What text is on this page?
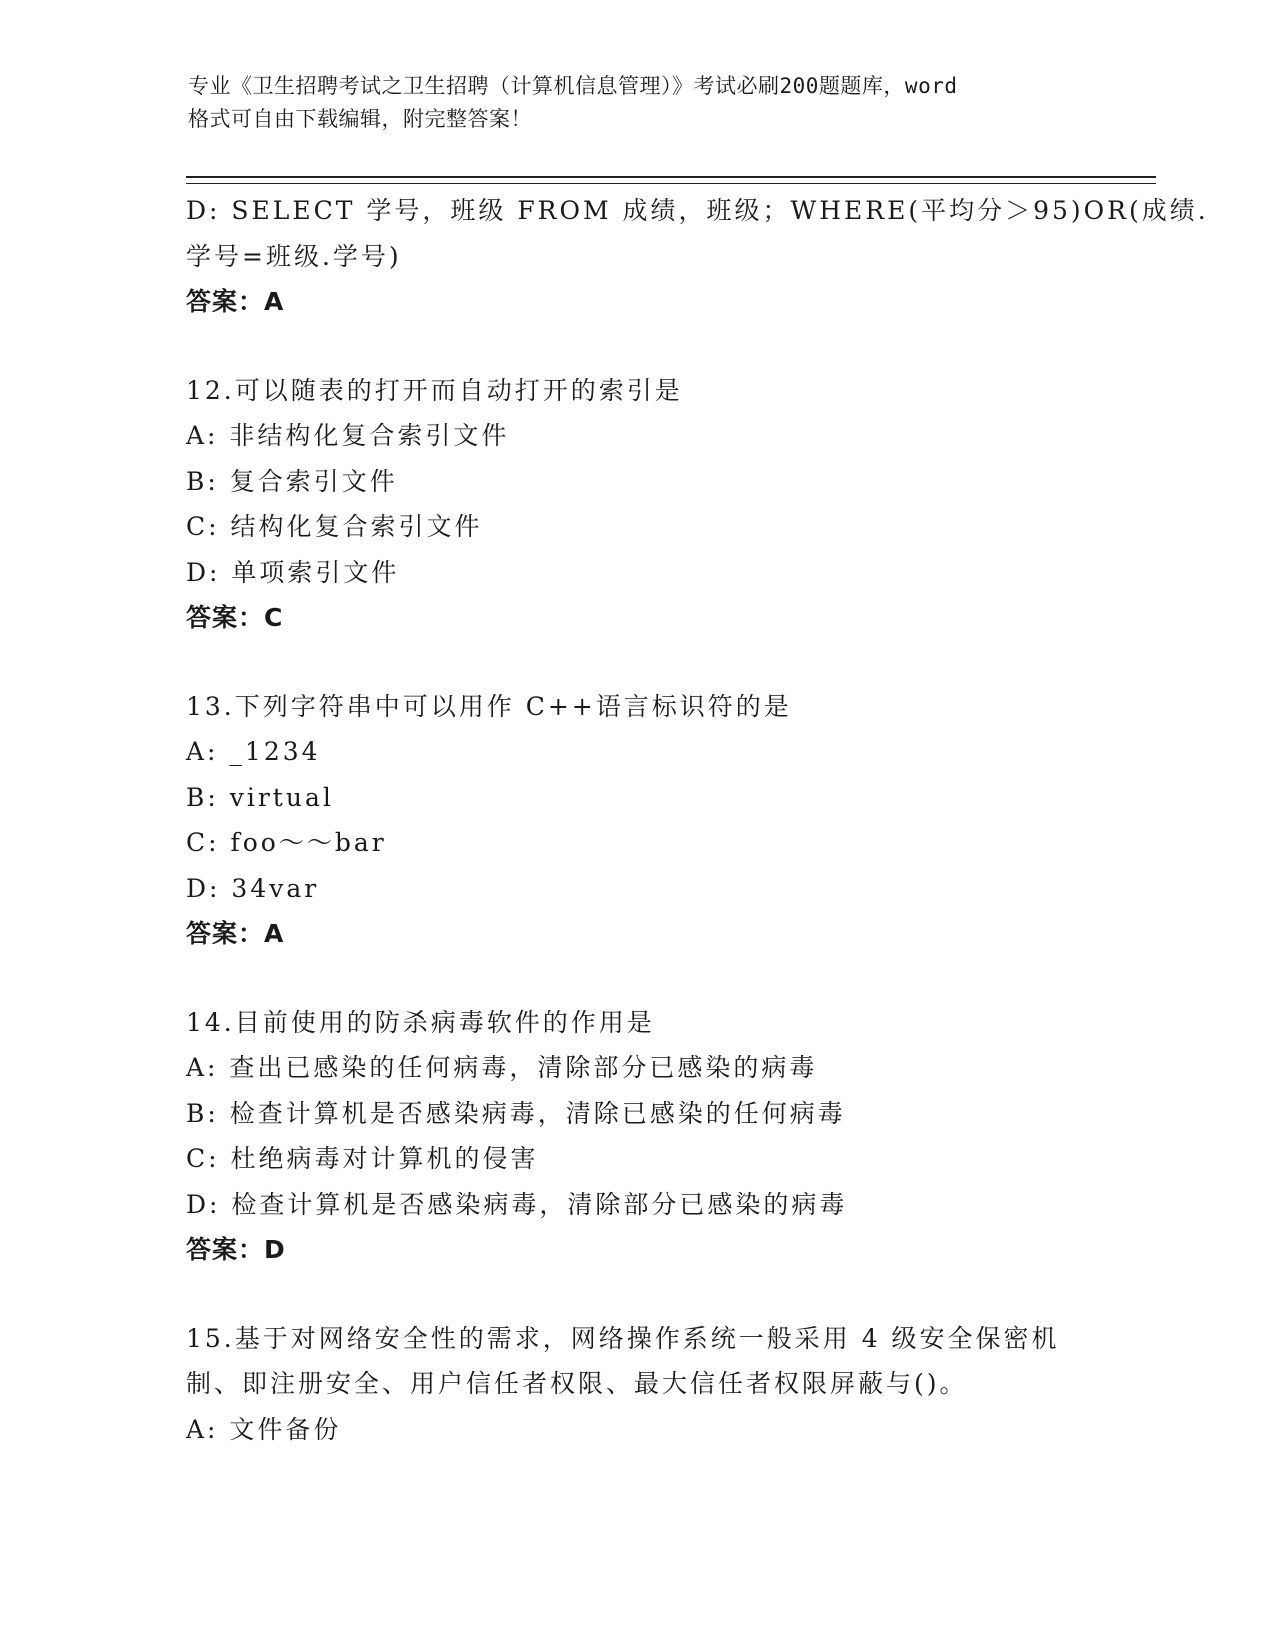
专业《卫生招聘考试之卫生招聘（计算机信息管理）》考试必刷200题题库，word
格式可自由下载编辑，附完整答案！
D: SELECT 学号，班级 FROM 成绩，班级；WHERE(平均分＞95)OR(成绩.
学号=班级.学号)
答案：A
12.可以随表的打开而自动打开的索引是
A: 非结构化复合索引文件
B: 复合索引文件
C: 结构化复合索引文件
D: 单项索引文件
答案：C
13.下列字符串中可以用作 C++语言标识符的是
A: _1234
B: virtual
C: foo～～bar
D: 34var
答案：A
14.目前使用的防杀病毒软件的作用是
A: 查出已感染的任何病毒，清除部分已感染的病毒
B: 检查计算机是否感染病毒，清除已感染的任何病毒
C: 杜绝病毒对计算机的侵害
D: 检查计算机是否感染病毒，清除部分已感染的病毒
答案：D
15.基于对网络安全性的需求，网络操作系统一般采用 4 级安全保密机
制、即注册安全、用户信任者权限、最大信任者权限屏蔽与()。
A: 文件备份
